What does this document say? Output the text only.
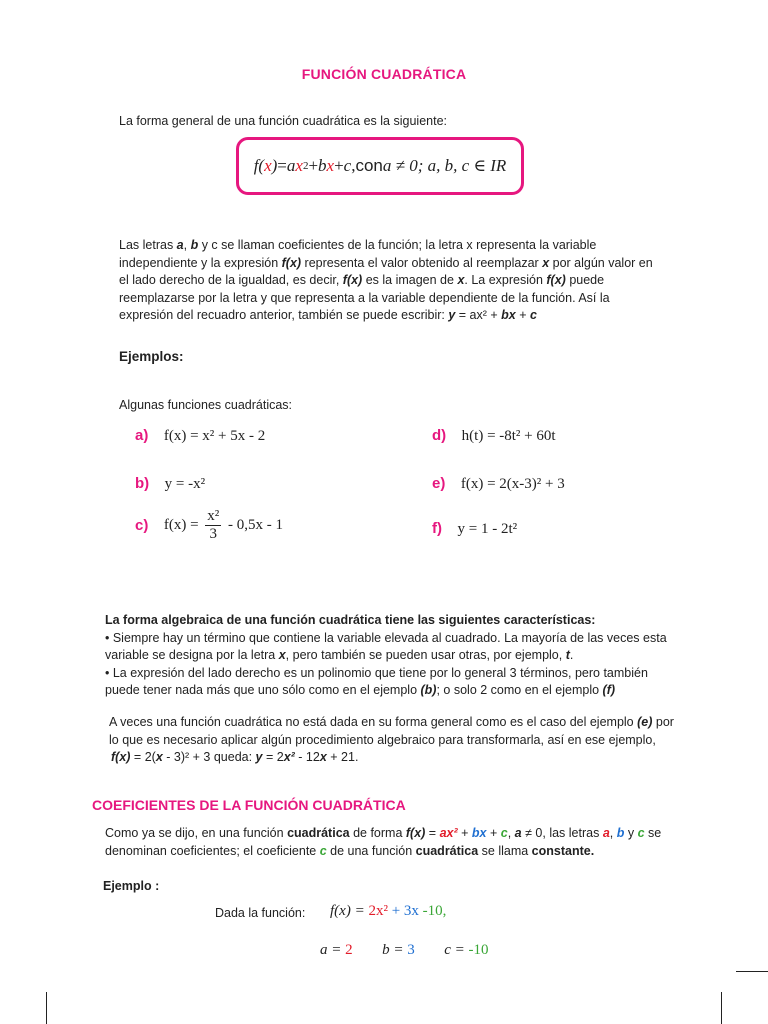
FUNCIÓN CUADRÁTICA
La forma general de una función cuadrática es la siguiente:
f( x ) = a x 2 + b x + c , con a ≠ 0; a, b, c ∈ IR
Las letras a, b y c se llaman coeficientes de la función; la letra x representa la variable independiente y la expresión f(x) representa el valor obtenido al reemplazar x por algún valor en el lado derecho de la igualdad, es decir, f(x) es la imagen de x. La expresión f(x) puede reemplazarse por la letra y que representa a la variable dependiente de la función. Así la expresión del recuadro anterior, también se puede escribir: y = ax² + bx + c
Ejemplos:
Algunas funciones cuadráticas:
a) f(x) = x² + 5x - 2
b) y = -x²
c) $f(x) = \frac{\text{x²}}{3} - 0,5x - 1$
d) h(t) = -8t² + 60t
e) f(x) = 2(x-3)² + 3
f) y = 1 - 2t²
La forma algebraica de una función cuadrática tiene las siguientes características:
• Siempre hay un término que contiene la variable elevada al cuadrado. La mayoría de las veces esta variable se designa por la letra x, pero también se pueden usar otras, por ejemplo, t.
• La expresión del lado derecho es un polinomio que tiene por lo general 3 términos, pero también puede tener nada más que uno sólo como en el ejemplo (b); o solo 2 como en el ejemplo (f)
A veces una función cuadrática no está dada en su forma general como es el caso del ejemplo (e) por lo que es necesario aplicar algún procedimiento algebraico para transformarla, así en ese ejemplo,
f(x) = 2(x - 3)² + 3 queda: y = 2x² - 12x + 21.
COEFICIENTES DE LA FUNCIÓN CUADRÁTICA
Como ya se dijo, en una función cuadrática de forma f(x) = ax² + bx + c, a ≠ 0, las letras a, b y c se denominan coeficientes; el coeficiente c de una función cuadrática se llama constante.
Ejemplo :
Dada la función: f(x) = 2x² + 3x -10,
a = 2 b = 3 c = -10
